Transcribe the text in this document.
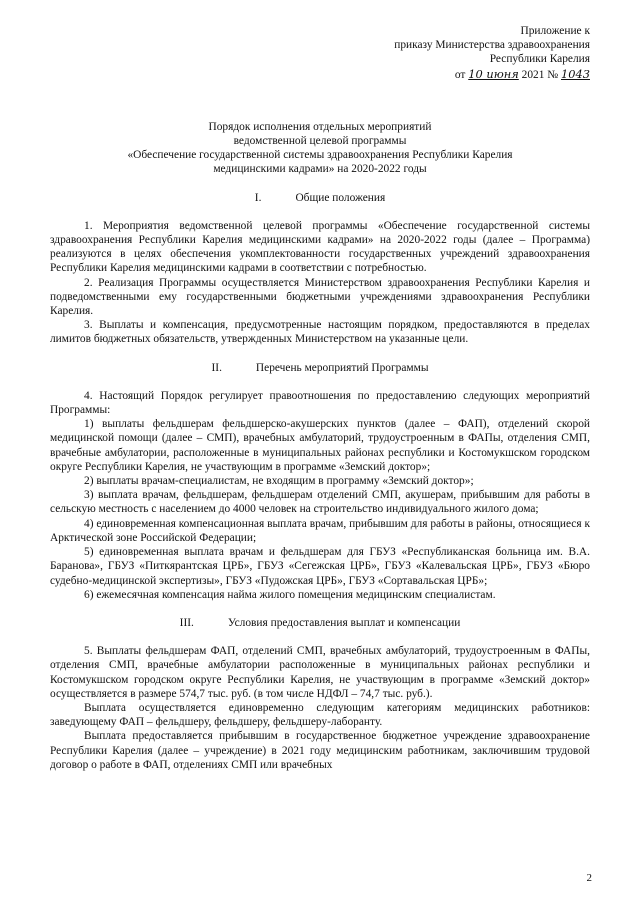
Приложение к
приказу Министерства здравоохранения
Республики Карелия
от 10 июня 2021 № 1043
Порядок исполнения отдельных мероприятий
ведомственной целевой программы
«Обеспечение государственной системы здравоохранения Республики Карелия
медицинскими кадрами» на 2020-2022 годы
I.	Общие положения

1. Мероприятия ведомственной целевой программы «Обеспечение государственной системы здравоохранения Республики Карелия медицинскими кадрами» на 2020-2022 годы (далее – Программа) реализуются в целях обеспечения укомплектованности государственных учреждений здравоохранения Республики Карелия медицинскими кадрами в соответствии с потребностью.

2. Реализация Программы осуществляется Министерством здравоохранения Республики Карелия и подведомственными ему государственными бюджетными учреждениями здравоохранения Республики Карелия.

3. Выплаты и компенсация, предусмотренные настоящим порядком, предоставляются в пределах лимитов бюджетных обязательств, утвержденных Министерством на указанные цели.

II.	Перечень мероприятий Программы

4. Настоящий Порядок регулирует правоотношения по предоставлению следующих мероприятий Программы:

1) выплаты фельдшерам фельдшерско-акушерских пунктов (далее – ФАП), отделений скорой медицинской помощи (далее – СМП), врачебных амбулаторий, трудоустроенным в ФАПы, отделения СМП, врачебные амбулатории, расположенные в муниципальных районах республики и Костомукшском городском округе Республики Карелия, не участвующим в программе «Земский доктор»;

2) выплаты врачам-специалистам, не входящим в программу «Земский доктор»;

3) выплата врачам, фельдшерам, фельдшерам отделений СМП, акушерам, прибывшим для работы в сельскую местность с населением до 4000 человек на строительство индивидуального жилого дома;

4) единовременная компенсационная выплата врачам, прибывшим для работы в районы, относящиеся к Арктической зоне Российской Федерации;

5) единовременная выплата врачам и фельдшерам для ГБУЗ «Республиканская больница им. В.А. Баранова», ГБУЗ «Питкярантская ЦРБ», ГБУЗ «Сегежская ЦРБ», ГБУЗ «Калевальская ЦРБ», ГБУЗ «Бюро судебно-медицинской экспертизы», ГБУЗ «Пудожская ЦРБ», ГБУЗ «Сортавальская ЦРБ»;

6) ежемесячная компенсация найма жилого помещения медицинским специалистам.

III.	Условия предоставления выплат и компенсации

5. Выплаты фельдшерам ФАП, отделений СМП, врачебных амбулаторий, трудоустроенным в ФАПы, отделения СМП, врачебные амбулатории расположенные в муниципальных районах республики и Костомукшском городском округе Республики Карелия, не участвующим в программе «Земский доктор» осуществляется в размере 574,7 тыс. руб. (в том числе НДФЛ – 74,7 тыс. руб.).

Выплата осуществляется единовременно следующим категориям медицинских работников: заведующему ФАП – фельдшеру, фельдшеру, фельдшеру-лаборанту.

Выплата предоставляется прибывшим в государственное бюджетное учреждение здравоохранение Республики Карелия (далее – учреждение) в 2021 году медицинским работникам, заключившим трудовой договор о работе в ФАП, отделениях СМП или врачебных

2
